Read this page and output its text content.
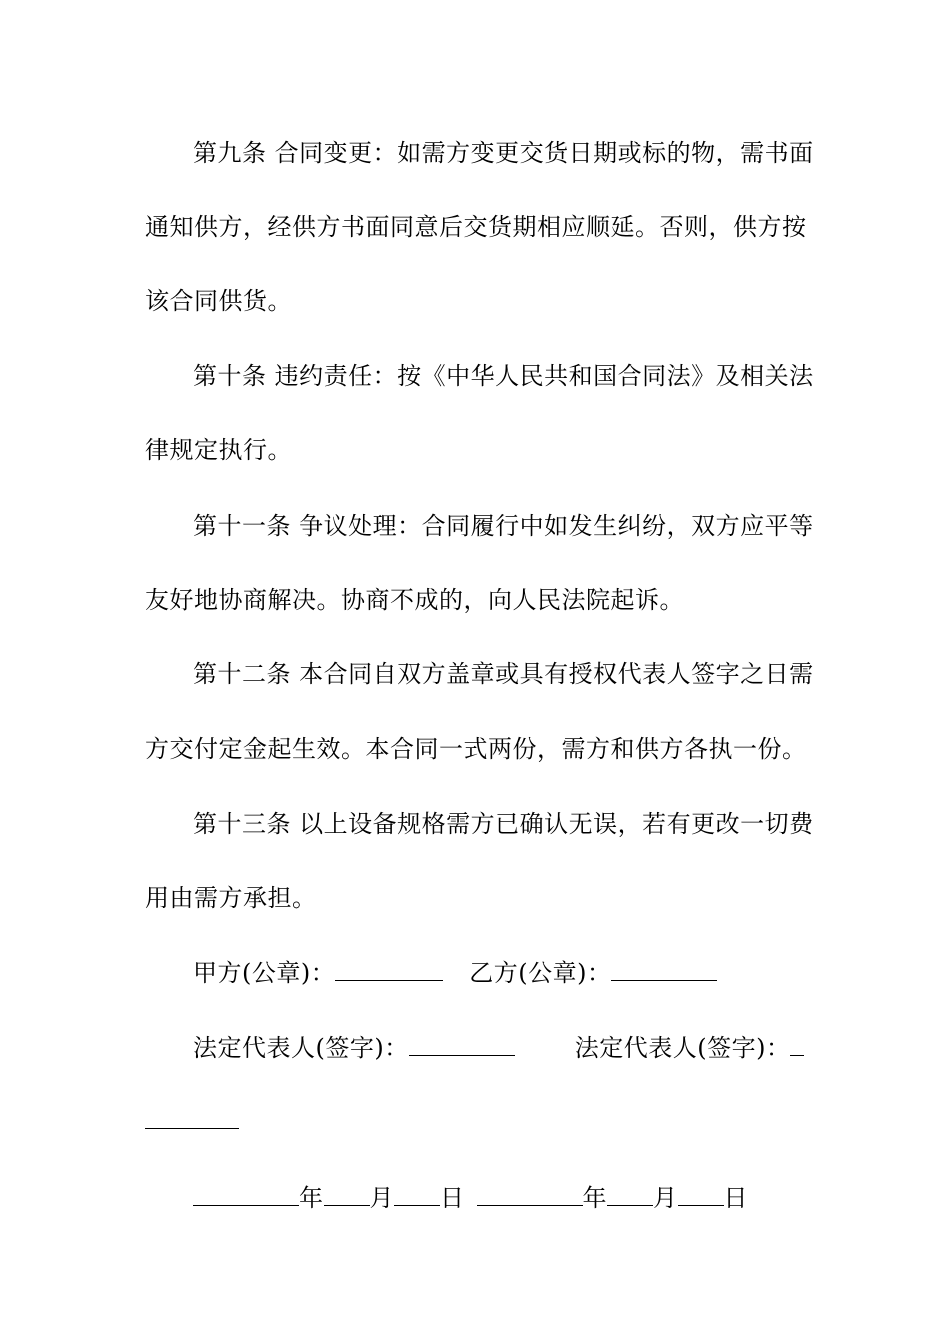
第九条 合同变更：如需方变更交货日期或标的物，需书面
通知供方，经供方书面同意后交货期相应顺延。否则，供方按
该合同供货。
第十条 违约责任：按《中华人民共和国合同法》及相关法
律规定执行。
第十一条 争议处理：合同履行中如发生纠纷，双方应平等
友好地协商解决。协商不成的，向人民法院起诉。
第十二条 本合同自双方盖章或具有授权代表人签字之日需
方交付定金起生效。本合同一式两份，需方和供方各执一份。
第十三条 以上设备规格需方已确认无误，若有更改一切费
用由需方承担。
甲方(公章)：	乙方(公章)：
法定代表人(签字)：	法定代表人(签字)：
年 月 日	年 月 日
